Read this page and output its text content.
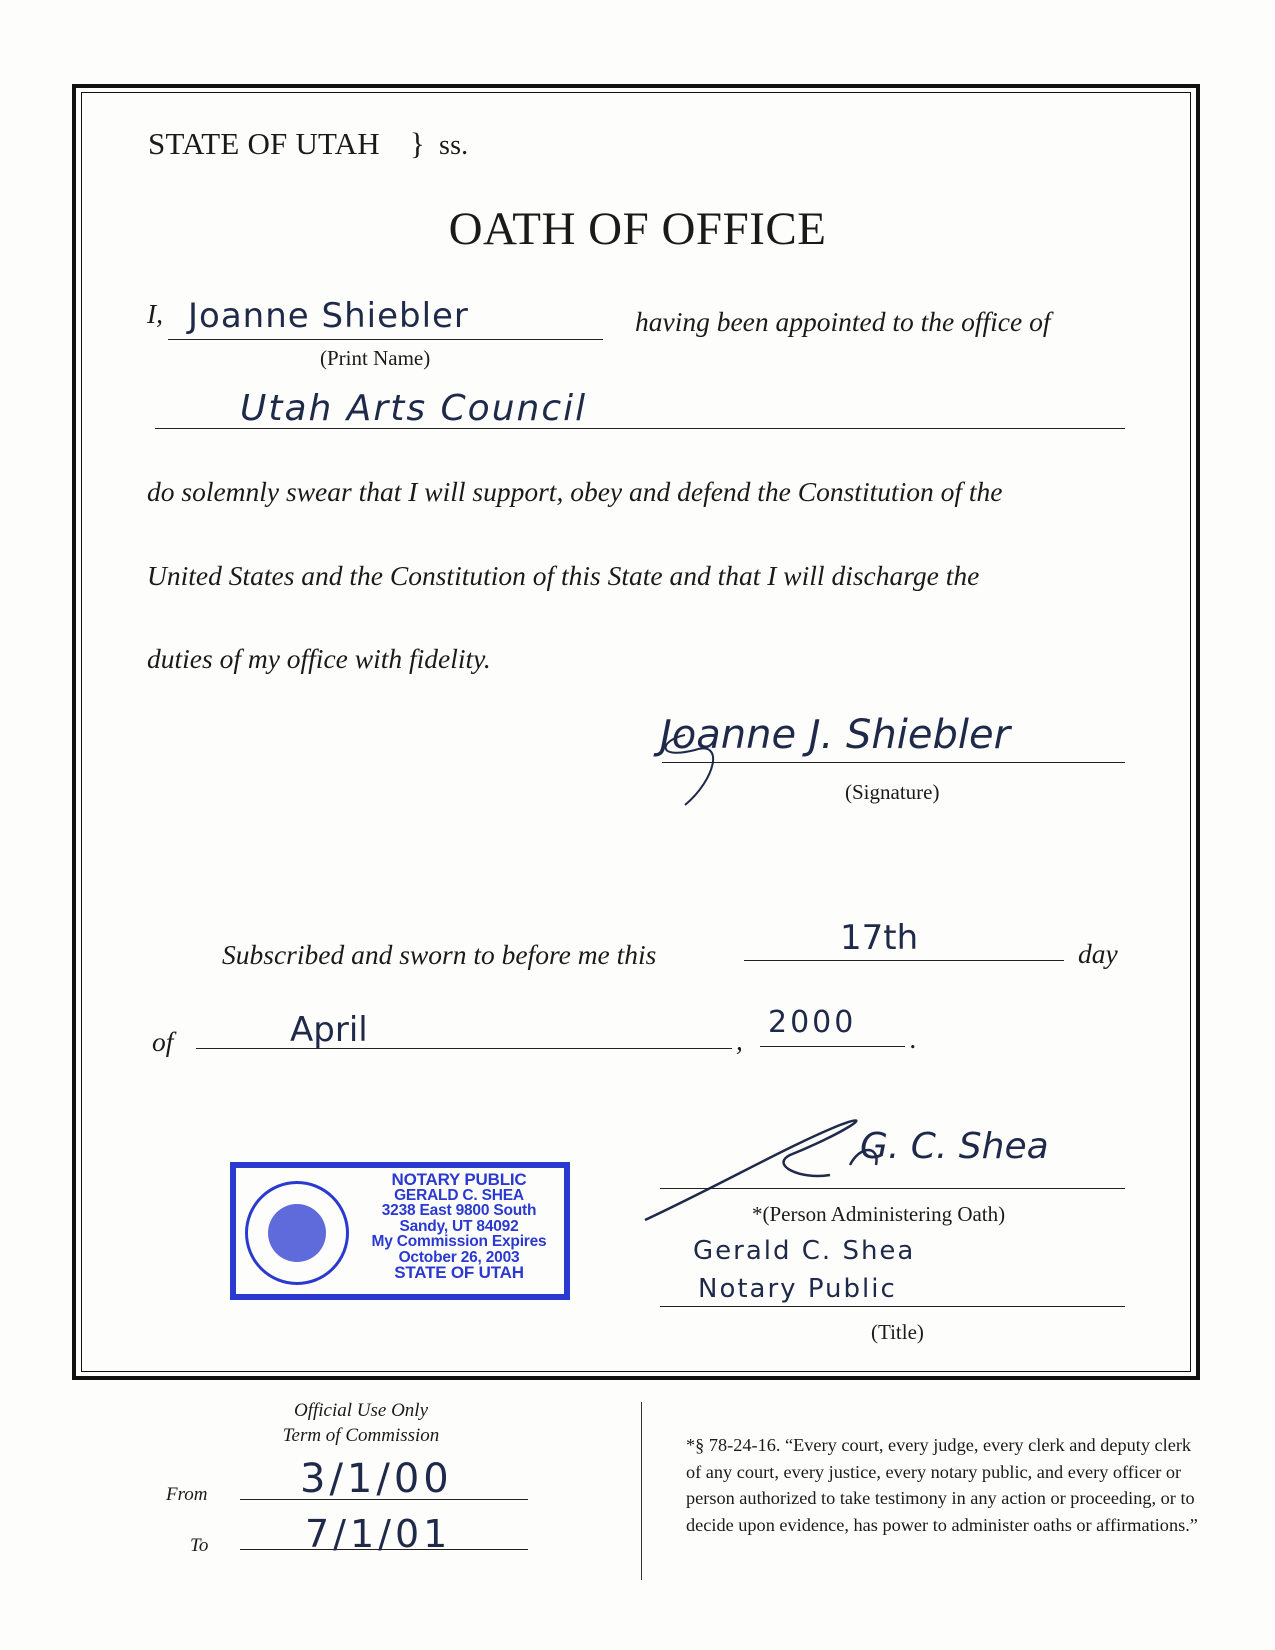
STATE OF UTAH } ss.
OATH OF OFFICE
I, Joanne Shiebler
(Print Name)
having been appointed to the office of
Utah Arts Council
do solemnly swear that I will support, obey and defend the Constitution of the
United States and the Constitution of this State and that I will discharge the
duties of my office with fidelity.
Joanne J. Shiebler
(Signature)
Subscribed and sworn to before me this	17th	day
of	April	,
2000 .
NOTARY PUBLIC
GERALD C. SHEA
3238 East 9800 South
Sandy, UT 84092
My Commission Expires
October 26, 2003
STATE OF UTAH
G. C. Shea
*(Person Administering Oath)
Gerald C. Shea
Notary Public
(Title)
Official Use Only
Term of Commission
From 3/1/00
To	7/1/01
*§ 78-24-16. “Every court, every judge, every clerk and deputy clerk of any court, every justice, every notary public, and every officer or person authorized to take testimony in any action or proceeding, or to decide upon evidence, has power to administer oaths or affirmations.”
